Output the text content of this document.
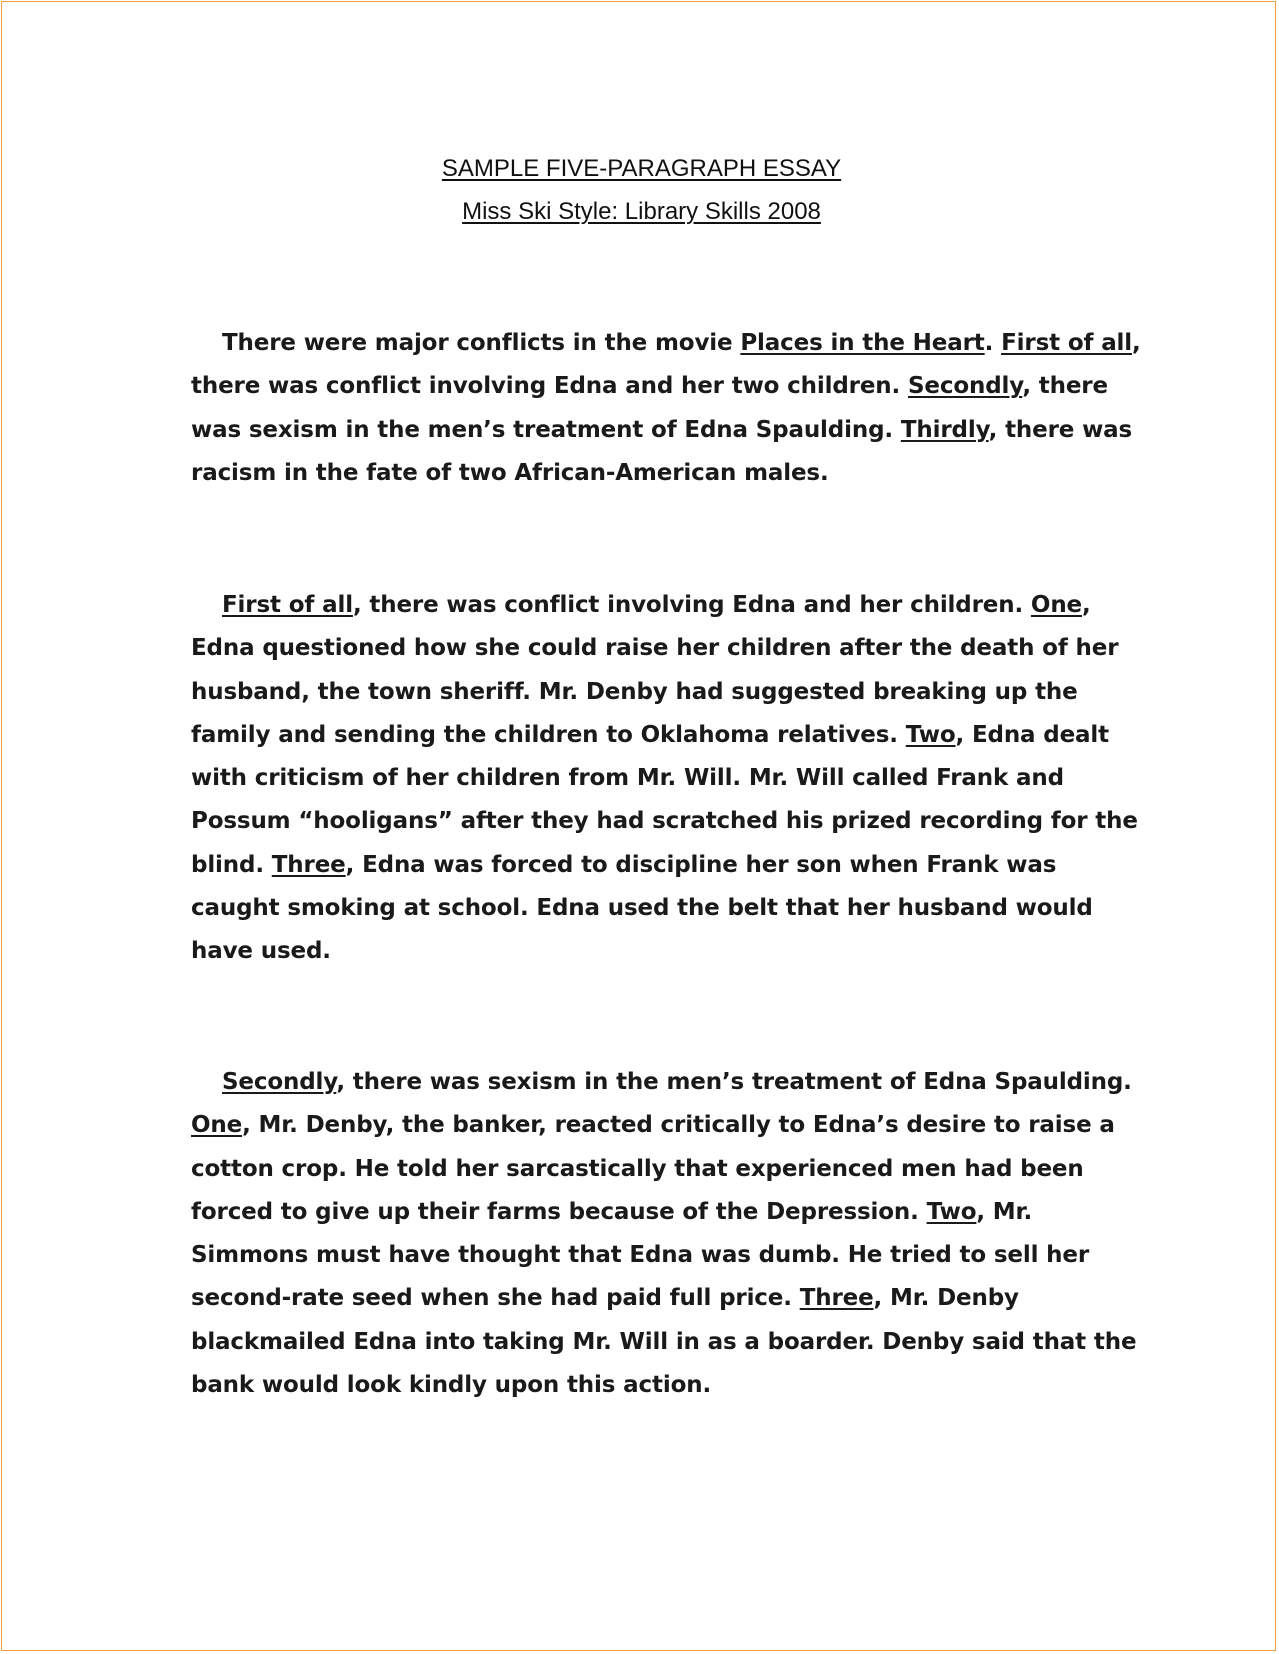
SAMPLE FIVE-PARAGRAPH ESSAY
Miss Ski Style: Library Skills 2008

There were major conflicts in the movie Places in the Heart. First of all,
there was conflict involving Edna and her two children. Secondly, there
was sexism in the men’s treatment of Edna Spaulding. Thirdly, there was
racism in the fate of two African-American males.

First of all, there was conflict involving Edna and her children. One,
Edna questioned how she could raise her children after the death of her
husband, the town sheriff. Mr. Denby had suggested breaking up the
family and sending the children to Oklahoma relatives. Two, Edna dealt
with criticism of her children from Mr. Will. Mr. Will called Frank and
Possum “hooligans” after they had scratched his prized recording for the
blind. Three, Edna was forced to discipline her son when Frank was
caught smoking at school. Edna used the belt that her husband would
have used.

Secondly, there was sexism in the men’s treatment of Edna Spaulding.
One, Mr. Denby, the banker, reacted critically to Edna’s desire to raise a
cotton crop. He told her sarcastically that experienced men had been
forced to give up their farms because of the Depression. Two, Mr.
Simmons must have thought that Edna was dumb. He tried to sell her
second-rate seed when she had paid full price. Three, Mr. Denby
blackmailed Edna into taking Mr. Will in as a boarder. Denby said that the
bank would look kindly upon this action.
